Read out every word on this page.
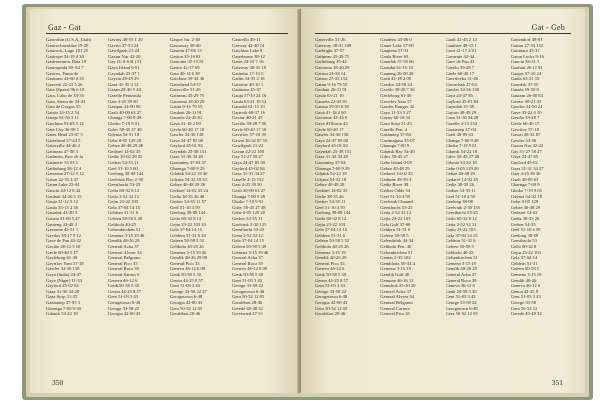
Gaz - Gat
Gastrobin (U.S.A.,Utah)
Gastrochaenidae 19-28
Gastrock, Lago 101 25
Gastrojet 54-19 4 30
Gastronomia, Baia 19
Gastropoda 30-A4 7
Gastros, Punta de
Gasturno 44-60 4 35
Gasverk 22-23 5 26
Gata (Spain) 96 6 10
Gata, Cabo de 33-35
Gata, Sierra de 34-43
Gata de Gorgos 55
Gataia 24-15 2 54
Gataja 62-50 3 11
Gatchina 53-63 5 12
Gate City 30-58 1
Gates Head 23-07 3
Gateshead 27-43 5
Gatesville 44-46 2
Gatineau 47-50 3
Gatineau, Parc de la
Gatinerie 55 03 1
Gatlinburg 58-12 4
Gatooma 27-12 5 12
Gatun 22-55 4 47
Gatun Lake 23-04
Gaucin 44-12 8 44
Gauhati 34-26 5 15
Gauja 31-12 5 12
Gaula 33-15 2 36
Gaurdak 43-40 3
Gausta 31-08 5 47
Gauteng 22-48 3
Gavarnie 43-51 1
Gavdos 38-17 5 12
Gave de Pau 43-22
Gavião 40-12 5 10
Gavle 60-40 5 17
Gavleborg 61-30
Gavrilov Yam 57-18
Gawler 34-36 138
Gaya (India) 24-47
Gaya (Niger) 11-53
Gaylord 45-02 84
Gaza 31-30 34-28
Gaza Strip 31-25
Gaziantep 37-05 3
Gbarnga 7-00 9-30
Gdansk 54-22 18
Gavray 48-55 1 20
Gavrio 37-53 24
Gawilgarh 21-24
Gaxun Nur 42-20
Gay (U.S.S.R.) 51
Gaya Island 6-01
Gayndah 25-37 1
Gaysin 48-49 29
Gaza 41-35 3 12
Gazan 28-30 5 44
Gazelle Peninsula
Gazi 4-25 39 30
Gazipur 24-00 90
Gazli 40-09 63 27
Gbanga 7-00 9-28
Gboko 7-19 9 01
Gdov 58-45 27 48
Gdynia 54-31 18
Gebe 0-05 129 20
Gebze 40-48 29 26
Gedaref 14-02 35
Gediz 39-02 29 25
Gedser 54-35 11
Geel 51-10 5 00
Geelong 38-08 144
Geelvink Bay 2-30
Geesthacht 53-25
Geilo 60-32 8 12
Geita 2-52 32 12
Gejiu 23-22 103
Gela 37-04 14 15
Geldern 51-31 6
Geleen 50-58 5 49
Gelibolu 40-25
Gelsenkirchen 51
Gemena 3-15 19 46
Gemlik 40-26 29
General Acha 37
General Alvear 34
General Belgrano
General Pico 35
General Roca 39
General Santos 6
Geneva 46-12 6
Genk 50-58 5 30
Genoa 44-25 8 57
Gent 51-03 3 43
Georgetown 6-48
George 33-58 22
Georgia 42-00 43
Gasper Str. 2-40
Gassaway 38-40
Gastein 47-06 13
Gaston 35-16 81
Gastonia 35-15 81
Gastre 42-17 69
Gata 40-14 6 38
Gatchina 59-34 30
Gateshead 54-57
Gatesville 31-26
Gatineau 45-29 75
Gatooma 18-20 29
Gatún 9-16 79 55
Gauhati 26-11 91
Gaurela 22-45 81
Gavà 41-18 2 00
Gävle 60-40 17 10
Gawler 34-36 138
Gaya 24-47 85 00
Gaylord 45-01 84
Gayndah 25-38 151
Gaza 31-30 34 28
Gaziantep 37-04 37
Gbarnga 7-00 9 29
Gdańsk 54-22 18 40
Gdynia 54-32 18 33
Gebze 40-48 29 26
Gedaref 14-02 35 24
Gediz 38-35 26 48
Gedser 54-35 11 57
Geel 51-10 4 59
Geelong 38-08 144
Geilo 60-32 8 12
Gejiu 23-22 103 10
Gela 37-04 14 15
Geldern 51-31 6 20
Geleen 50-58 5 52
Gelibolu 40-25 26
Gemena 3-15 19 46
Gemlik 40-26 29 09
General Pico 35
Geneva 46-12 6 09
Genk 50-58 5 30
Genoa 44-25 8 57
Gent 51-03 3 43
George 33-58 22 27
Georgetown 6-48
Georgia 42-00 43
Gera 50-52 12 05
Geraldton 28-46
Gastrello 40-11
Gasway 42-40 14
Gatchina Lake 8
Gaterhouse 38-12
Gates 24-10 7 16
Gateway 38-41 18
Gatimbo 17-13 5
Gatlin 34-33 2 18
Gatraine 40-10 1
Gattinara 45-37
Gauja 57-10 24 16
Gaula 63-21 10 14
Gausdal 61-15 10
Gausvik 68-37 16
Gavarr 40-21 45
Gavião 39-28 7 56
Gavle 60-40 17 10
Gavrilov 57-18 39
Gawai 26-32 87 10
Gawilgarh 21-22
Gaxun 42-22 100
Gay 51-27 58 27
Gaya 24-47 85 00
Gaylord 45-02 84
Gaza 31-31 34 27
Gazelle 4-13 152
Gazi 4-25 39 30
Gazli 40-09 63 27
Gbanga 7-00 9 28
Gboko 7-19 9 01
Gdov 58-45 27 48
Gebe 0-05 129 20
Gedser 54-35 11
Geelvink 2-30 135
Geesthacht 53-25
Geita 2-52 32 12
Gela 37-04 14 15
Geleen 50-58 5 49
Gemena 3-15 19 46
General Acha 37
General Roca 39
Geneva 46-12 6 09
Genk 50-58 5 30
Gent 51-03 3 43
George 33-58 22
Georgetown 6-48
Gera 50-52 12 05
Geraldton 28-46
Gerede 40-48 32
Geretsried 47-51
350
Gat - Geb
Gatesville 31-26
Gateway 38-41 108
Gathright 37-57
Gatineau 45-29 75
Gatlinburg 35-42
Gatooma 18-20 29
Gatrun 24-58 14
Gatton 27-33 152
Gatun 9-16 79 55
Gauhati 26-11 91
Gaula 63-21 10
Gaurela 22-45 81
Gausta 59-50 8 39
Gavà 41-18 2 00
Gavarnie 42-44 0
Gave d'Oloron 43
Gävle 60-40 17
Gawler 34-36 138
Gaya 24-47 85 00
Gaylord 45-01 84
Gayndah 25-38 151
Gaza 31-30 34 28
Gaziantep 37-04
Gbarnga 7-00 9 29
Gdańsk 54-22 18
Gdynia 54-32 18
Gebze 40-48 29
Gedaref 14-02 35
Gediz 38-35 26
Gedser 54-35 11
Geel 51-10 4 59
Geelong 38-08 144
Geilo 60-32 8 12
Gejiu 23-22 103
Gela 37-04 14 15
Geldern 51-31 6
Geleen 50-58 5 52
Gelibolu 40-25 26
Gemena 3-15 19
Gemlik 40-26 29
General Pico 35
Geneva 46-12 6
Genk 50-58 5 30
Genoa 44-25 8 57
Gent 51-03 3 43
George 33-58 22
Georgetown 6-48
Georgia 42-00 43
Gera 50-52 12 05
Geraldton 28-46
Gaudens 43-06 0
Gauer Lake 57-00
Gaujiena 57-31
Gaula River 63
Gaurdak 37-50 66
Gausdal 61-15 10
Gauteng 26-00 28
Gavà 41-18 2 00
Gavdos 34-50 24
Gavião 39-28 7 56
Gävleborg 61-30
Gavrilov Yam 57
Gawler Ranges 32
Gaya 11-53 3 27
Gayny 60-18 54
Gaza Strip 31-25
Gazelle Pen. 4
Gaziantep 37-04
Gazimağusa 35-07
Gbarnga 7-00 9
Gdańsk Bay 54-40
Gdov 58-45 27
Gebe Island 0-05
Gebze 40-48 29
Gedaref 14-02 35
Gedinne 49-59 4
Gediz River 38
Gedser Odde 54
Geel 51-10 4 59
Geelvink Channel
Geesthacht 53-25
Geita 2-52 32 12
Gejiu 23-22 103
Gela Gulf 37-00
Geldern 51-31 6
Geleen 50-58 5
Gelendzhik 44-34
Gelibolu Pen. 40
Gelsenkirchen 51
Gemas 2-35 102
Gembloux 50-34 4
Gemena 3-15 19
Gemlik Gulf 40
Gemona 46-16 13
Gemsbok 25-20 20
General Acha 37
General Alvear 34
General Belgrano
General Carrera
General Pico 35
Gault 42-45 2 14
Gauthier 48-15 1
Gavá 41-17 2 01
Gavarnie 42-44
Gave de Pau 43
Gavião 39-28 7
Gävle 60-40 17
Gavrilovka 51-40
Gawachab 27-04
Gawler 34-36 138
Gaya 24-47 85
Gaylord 45-01 84
Gayndah 25-38
Gaysin 48-49 29
Gaza 31-30 34 28
Gazelle 4-13 152
Gaziantep 37-04
Gazli 40-09 63
Gbanga 7-00 9 28
Gboko 7-19 9 01
Gdańsk 54-22 18
Gdov 58-45 27 48
Gdynia 54-32 18
Gebe 0-05 129 20
Gebze 40-48 29
Gedaref 14-02 35
Gediz 38-35 26
Gedser 54-35 11
Geel 51-10 4 59
Geelong 38-08
Geelvink 2-30 135
Geesthacht 53-25
Geilo 60-32 8 12
Geita 2-52 32 12
Gejiu 23-22 103
Gela 37-04 14 15
Geldern 51-31 6
Geleen 50-58 5
Gelibolu 40-25
Gelsenkirchen 51
Gemena 3-15 19
Gemlik 40-26 29
General Acha 37
General Roca 39
Geneva 46-12 6
Genk 50-58 5 30
Gent 51-03 3 43
George 33-58 22
Georgetown 6-48
Gera 50-52 12 05
Gattendorf 48-01
Gatton 27-33 152
Gattinara 45-37
Gatun Locks 9-16
Gaucin 36-31 5
Gauhati 26-11 91
Gaujas 57-10 24
Gaula 63-21 10
Gaurdak 37-50
Gausta 59-50 8
Gautam 26-00 84
Gavarr 40-21 45
Gavdos 34-50 24
Gave 43-22 0 10
Gavião 39-28 7
Gävle 60-40 17
Gavrilov 57-18
Gawai 26-32 87
Gawler 34-36
Gaxun Nur 42-22
Gay 51-27 58 27
Gaya 24-47 85
Gaylord 45-02
Gaza 31-31 34 27
Gazi 4-25 39 30
Gazli 40-09 63
Gbarnga 7-00 9
Gboko 7-19 9 01
Gdynia 54-32 18
Gebe 0-05 129
Gebze 40-48 29
Gedaref 14-02
Gediz 38-35 26
Gedser 54-35
Geel 51-10 4 59
Geelong 38-08
Geesthacht 53
Geilo 60-32 8
Gejiu 23-22 103
Gela 37-04 14
Geldern 51-31
Geleen 50-58 5
Gemena 3-15 19
Gemlik 40-26
Geneva 46-12 6
Genoa 44-25 8
Gent 51-03 3 43
George 33-58
Gera 50-52 12
Gerede 40-48 32
351
